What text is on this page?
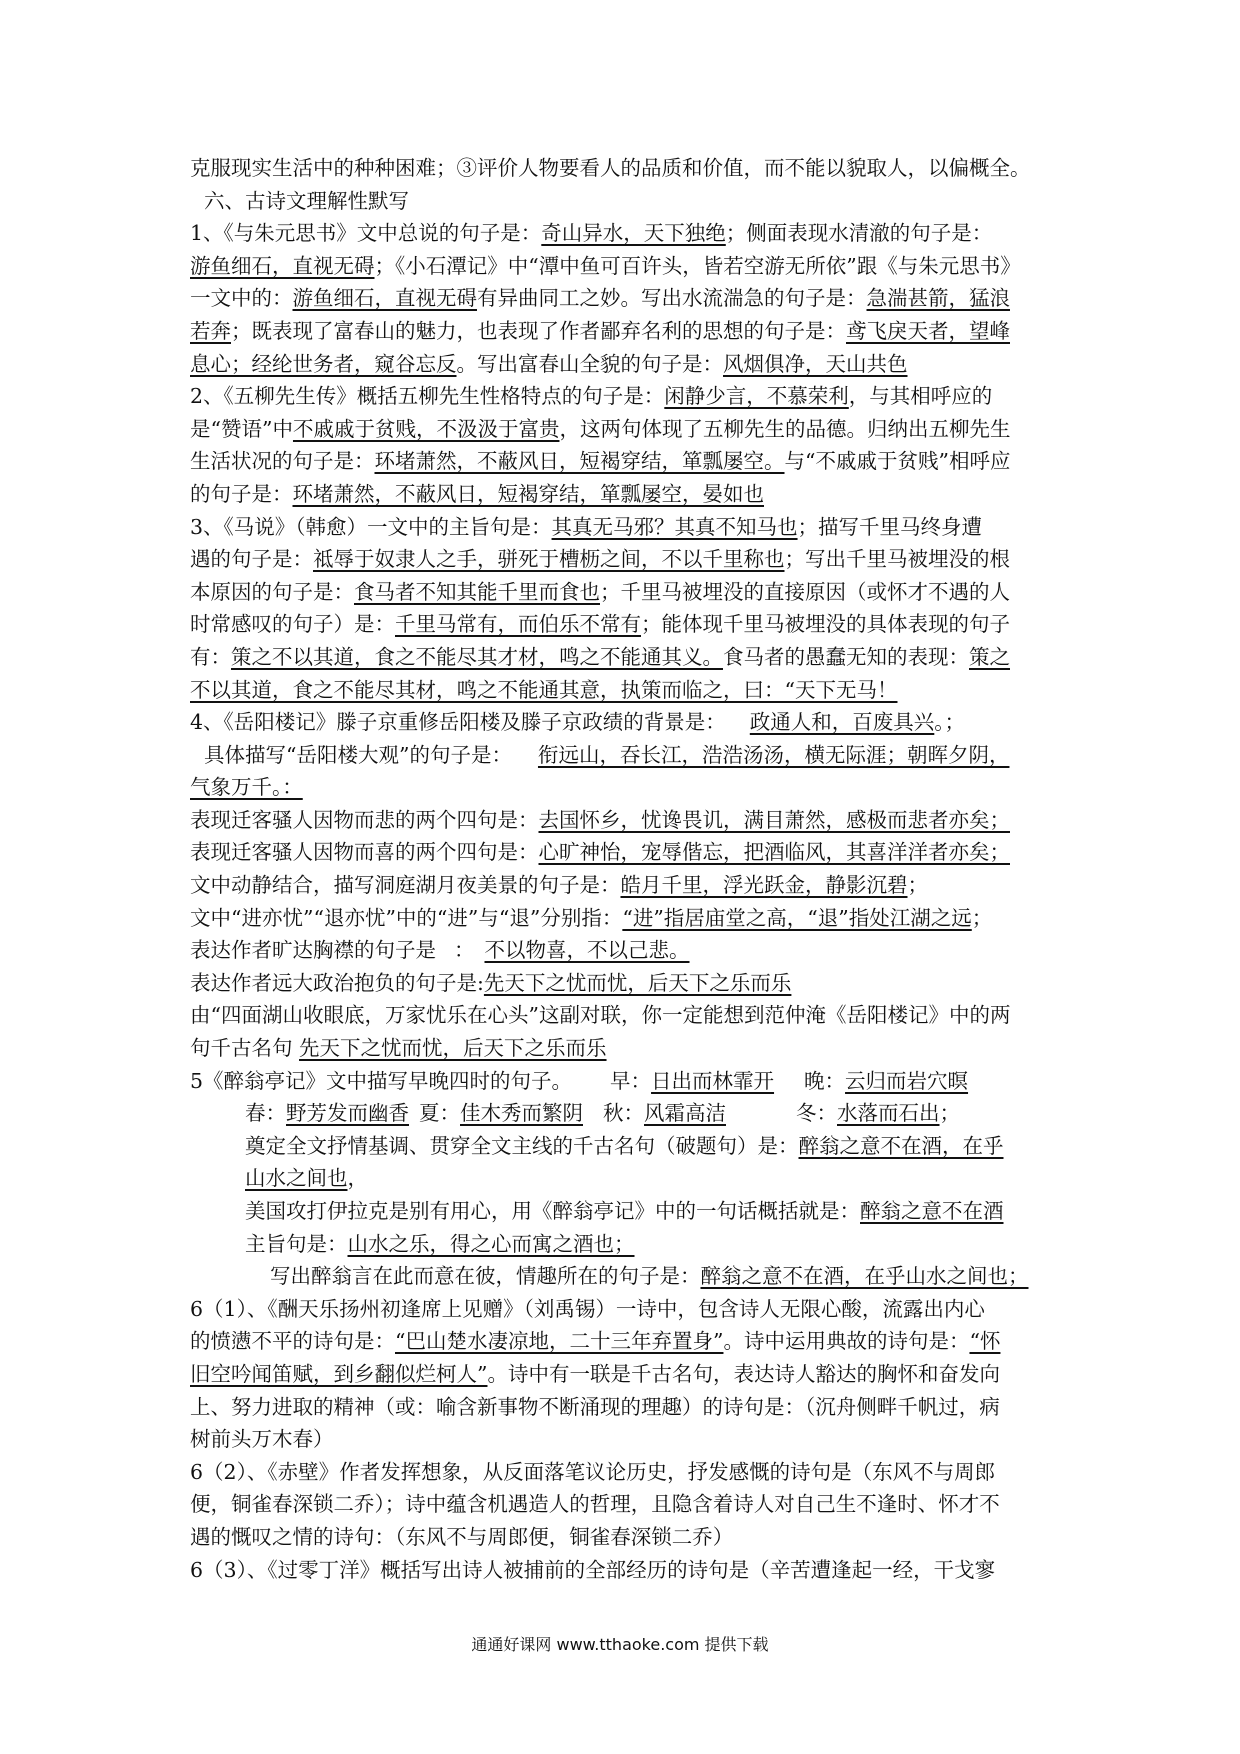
克服现实生活中的种种困难；③评价人物要看人的品质和价值，而不能以貌取人，以偏概全。
六、古诗文理解性默写
1、《与朱元思书》文中总说的句子是：奇山异水，天下独绝；侧面表现水清澈的句子是：
游鱼细石，直视无碍；《小石潭记》中“潭中鱼可百许头，皆若空游无所依”跟《与朱元思书》
一文中的：游鱼细石，直视无碍有异曲同工之妙。写出水流湍急的句子是：急湍甚箭，猛浪
若奔；既表现了富春山的魅力，也表现了作者鄙弃名利的思想的句子是：鸢飞戾天者，望峰
息心；经纶世务者，窥谷忘反。写出富春山全貌的句子是：风烟俱净，天山共色
2、《五柳先生传》概括五柳先生性格特点的句子是：闲静少言，不慕荣利，与其相呼应的
是“赞语”中不戚戚于贫贱，不汲汲于富贵，这两句体现了五柳先生的品德。归纳出五柳先生
生活状况的句子是：环堵萧然，不蔽风日，短褐穿结，箪瓢屡空。与“不戚戚于贫贱”相呼应
的句子是：环堵萧然，不蔽风日，短褐穿结，箪瓢屡空，晏如也
3、《马说》（韩愈）一文中的主旨句是：其真无马邪？其真不知马也；描写千里马终身遭
遇的句子是：祗辱于奴隶人之手，骈死于槽枥之间，不以千里称也；写出千里马被埋没的根
本原因的句子是：食马者不知其能千里而食也；千里马被埋没的直接原因（或怀才不遇的人
时常感叹的句子）是：千里马常有，而伯乐不常有；能体现千里马被埋没的具体表现的句子
有：策之不以其道，食之不能尽其才材，鸣之不能通其义。食马者的愚蠢无知的表现：策之
不以其道，食之不能尽其材，鸣之不能通其意，执策而临之，曰：“天下无马！
4、《岳阳楼记》滕子京重修岳阳楼及滕子京政绩的背景是： 政通人和，百废具兴。；
具体描写“岳阳楼大观”的句子是： 衔远山，吞长江，浩浩汤汤，横无际涯；朝晖夕阴，
气象万千。：
表现迁客骚人因物而悲的两个四句是：去国怀乡，忧谗畏讥，满目萧然，感极而悲者亦矣；
表现迁客骚人因物而喜的两个四句是：心旷神怡，宠辱偕忘，把酒临风，其喜洋洋者亦矣；
文中动静结合，描写洞庭湖月夜美景的句子是：皓月千里，浮光跃金，静影沉碧；
文中“进亦忧”“退亦忧”中的“进”与“退”分别指：“进”指居庙堂之高，“退”指处江湖之远；
表达作者旷达胸襟的句子是 ： 不以物喜，不以己悲。
表达作者远大政治抱负的句子是:先天下之忧而忧，后天下之乐而乐
由“四面湖山收眼底，万家忧乐在心头”这副对联，你一定能想到范仲淹《岳阳楼记》中的两
句千古名句 先天下之忧而忧，后天下之乐而乐
5《醉翁亭记》文中描写早晚四时的句子。 早：日出而林霏开 晚：云归而岩穴暝
春：野芳发而幽香 夏：佳木秀而繁阴 秋：风霜高洁	冬：水落而石出；
奠定全文抒情基调、贯穿全文主线的千古名句（破题句）是：醉翁之意不在酒，在乎
山水之间也，
美国攻打伊拉克是别有用心，用《醉翁亭记》中的一句话概括就是：醉翁之意不在酒
主旨句是：山水之乐，得之心而寓之酒也；
写出醉翁言在此而意在彼，情趣所在的句子是：醉翁之意不在酒，在乎山水之间也；
6（1）、《酬天乐扬州初逢席上见赠》（刘禹锡）一诗中，包含诗人无限心酸，流露出内心
的愤懑不平的诗句是：“巴山楚水凄凉地，二十三年弃置身”。诗中运用典故的诗句是：“怀
旧空吟闻笛赋，到乡翻似烂柯人”。诗中有一联是千古名句，表达诗人豁达的胸怀和奋发向
上、努力进取的精神（或：喻含新事物不断涌现的理趣）的诗句是：（沉舟侧畔千帆过，病
树前头万木春）
6（2）、《赤壁》作者发挥想象，从反面落笔议论历史，抒发感慨的诗句是（东风不与周郎
便，铜雀春深锁二乔）；诗中蕴含机遇造人的哲理，且隐含着诗人对自己生不逢时、怀才不
遇的慨叹之情的诗句：（东风不与周郎便，铜雀春深锁二乔）
6（3）、《过零丁洋》概括写出诗人被捕前的全部经历的诗句是（辛苦遭逢起一经，干戈寥
通通好课网 www.tthaoke.com 提供下载
